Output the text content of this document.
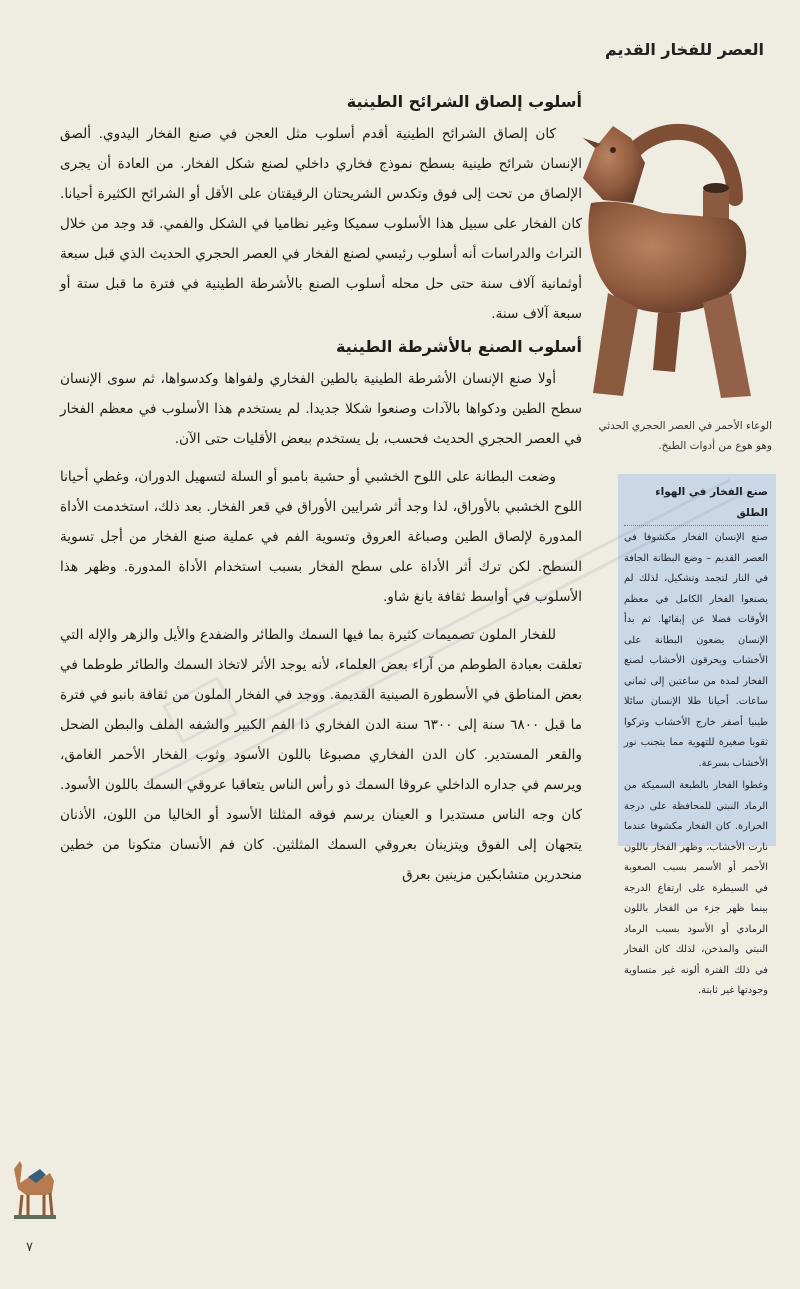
العصر للفخار القديم
أسلوب إلصاق الشرائح الطينية

كان إلصاق الشرائح الطينية أقدم أسلوب مثل العجن في صنع الفخار اليدوي. ألصق الإنسان شرائح طينية بسطح نموذج فخاري داخلي لصنع شكل الفخار. من العادة أن يجرى الإلصاق من تحت إلى فوق وتكدس الشريحتان الرقيقتان على الأقل أو الشرائح الكثيرة أحيانا. كان الفخار على سبيل هذا الأسلوب سميكا وغير نظاميا في الشكل والفمي. قد وجد من خلال التراث والدراسات أنه أسلوب رئيسي لصنع الفخار في العصر الحجري الحديث الذي قبل سبعة أوثمانية آلاف سنة حتى حل محله أسلوب الصنع بالأشرطة الطينية في فترة ما قبل ستة أو سبعة آلاف سنة.

أسلوب الصنع بالأشرطة الطينية

أولا صنع الإنسان الأشرطة الطينية بالطين الفخاري ولفواها وكدسواها، ثم سوى الإنسان سطح الطين ودكواها بالآدات وصنعوا شكلا جديدا. لم يستخدم هذا الأسلوب في معظم الفخار في العصر الحجري الحديث فحسب، بل يستخدم ببعض الأقليات حتى الآن.

وضعت البطانة على اللوح الخشبي أو حشية بامبو أو السلة لتسهيل الدوران، وغطي أحيانا اللوح الخشبي بالأوراق، لذا وجد أثر شرايين الأوراق في قعر الفخار. بعد ذلك، استخدمت الأداة المدورة لإلصاق الطين وصباغة العروق وتسوية الفم في عملية صنع الفخار من أجل تسوية السطح. لكن ترك أثر الأداة على سطح الفخار بسبب استخدام الأداة المدورة. وظهر هذا الأسلوب في أواسط ثقافة يانغ شاو.

للفخار الملون تصميمات كثيرة بما فيها السمك والطائر والضفدع والأيل والزهر والإله التي تعلقت بعبادة الطوطم من آراء بعض العلماء، لأنه يوجد الأثر لاتخاذ السمك والطائر طوطما في بعض المناطق في الأسطورة الصينية القديمة. ووجد في الفخار الملون من ثقافة بانبو في فترة ما قبل ٦٨٠٠ سنة إلى ٦٣٠٠ سنة الدن الفخاري ذا الفم الكبير والشفه الملف والبطن الضحل والقعر المستدير. كان الدن الفخاري مصبوغا باللون الأسود وثوب الفخار الأحمر الغامق، ويرسم في جداره الداخلي عروقا السمك ذو رأس الناس يتعاقبا عروقي السمك باللون الأسود. كان وجه الناس مستديرا و العينان يرسم فوقه المثلثا الأسود أو الخاليا من اللون، الأذنان يتجهان إلى الفوق ويتزينان بعروقي السمك المثلثين. كان فم الأنسان متكونا من خطين منحدرين متشابكين مزينين بعرق

الوعاء الأحمر في العصر الحجري الحدثي وهو هوع من أدوات الطبخ.
صنع الفخار في الهواء الطلق

صنع الإنسان الفخار مكشوفا في العصر القديم – وضع البطانة الجافة في النار لتجمد وتشكيل، لذلك لم يصنعوا الفخار الكامل في معظم الأوقات فضلا عن إبقائها. ثم بدأ الإنسان يضعون البطانة على الأخشاب ويحرقون الأخشاب لصنع الفخار لمدة من ساعتين إلى ثماني ساعات. أحيانا طلا الإنسان سائلا طينيا أصفر خارج الأخشاب وتركوا ثقوبا صغيرة للتهوية مما يتجنب نور الأخشاب بسرعة.

وغطوا الفخار بالطبعة السميكة من الرماد النبتي للمحافظة على درجة الحرارة. كان الفخار مكشوفا عندما نارت الأخشاب، وظهر الفخار باللون الأحمر أو الأسمر بسبب الصعوبة في السيطرة على ارتفاع الدرجة بينما ظهر جزء من الفخار باللون الرمادي أو الأسود بسبب الرماد النبتي والمدخن، لذلك كان الفخار في ذلك الفترة ألونه غير متساوية وجودتها غير ثابتة.

٧
